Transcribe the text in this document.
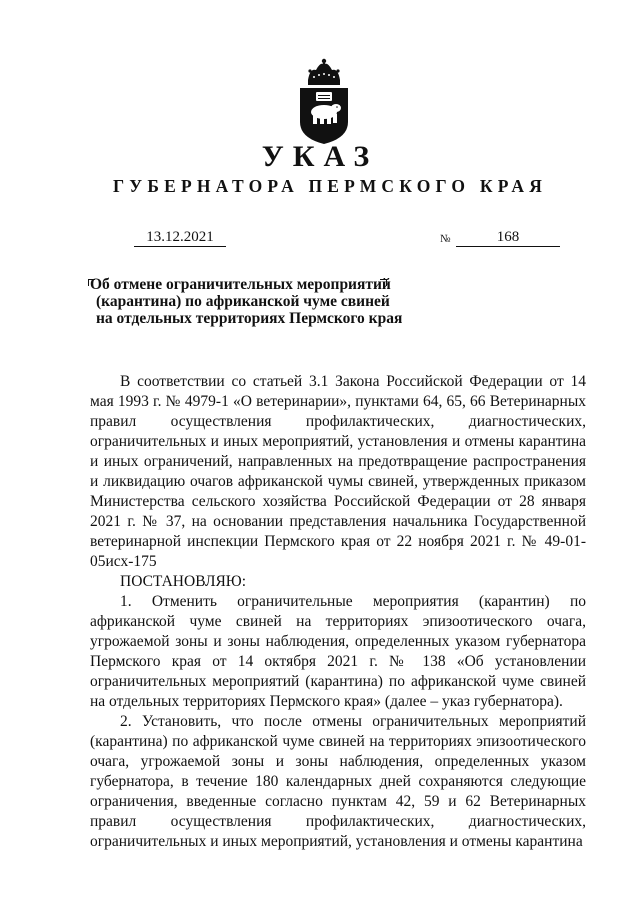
УКАЗ
ГУБЕРНАТОРА ПЕРМСКОГО КРАЯ
13.12.2021	№	168
Об отмене ограничительных мероприятий
(карантина) по африканской чуме свиней
на отдельных территориях Пермского края

В соответствии со статьей 3.1 Закона Российской Федерации от 14 мая 1993 г. № 4979-1 «О ветеринарии», пунктами 64, 65, 66 Ветеринарных правил осуществления профилактических, диагностических, ограничительных и иных мероприятий, установления и отмены карантина и иных ограничений, направленных на предотвращение распространения и ликвидацию очагов африканской чумы свиней, утвержденных приказом Министерства сельского хозяйства Российской Федерации от 28 января 2021 г. № 37, на основании представления начальника Государственной ветеринарной инспекции Пермского края от 22 ноября 2021 г. № 49-01-05исх-175

ПОСТАНОВЛЯЮ:

1. Отменить ограничительные мероприятия (карантин) по африканской чуме свиней на территориях эпизоотического очага, угрожаемой зоны и зоны наблюдения, определенных указом губернатора Пермского края от 14 октября 2021 г. № 138 «Об установлении ограничительных мероприятий (карантина) по африканской чуме свиней на отдельных территориях Пермского края» (далее – указ губернатора).

2. Установить, что после отмены ограничительных мероприятий (карантина) по африканской чуме свиней на территориях эпизоотического очага, угрожаемой зоны и зоны наблюдения, определенных указом губернатора, в течение 180 календарных дней сохраняются следующие ограничения, введенные согласно пунктам 42, 59 и 62 Ветеринарных правил осуществления профилактических, диагностических, ограничительных и иных мероприятий, установления и отмены карантина
